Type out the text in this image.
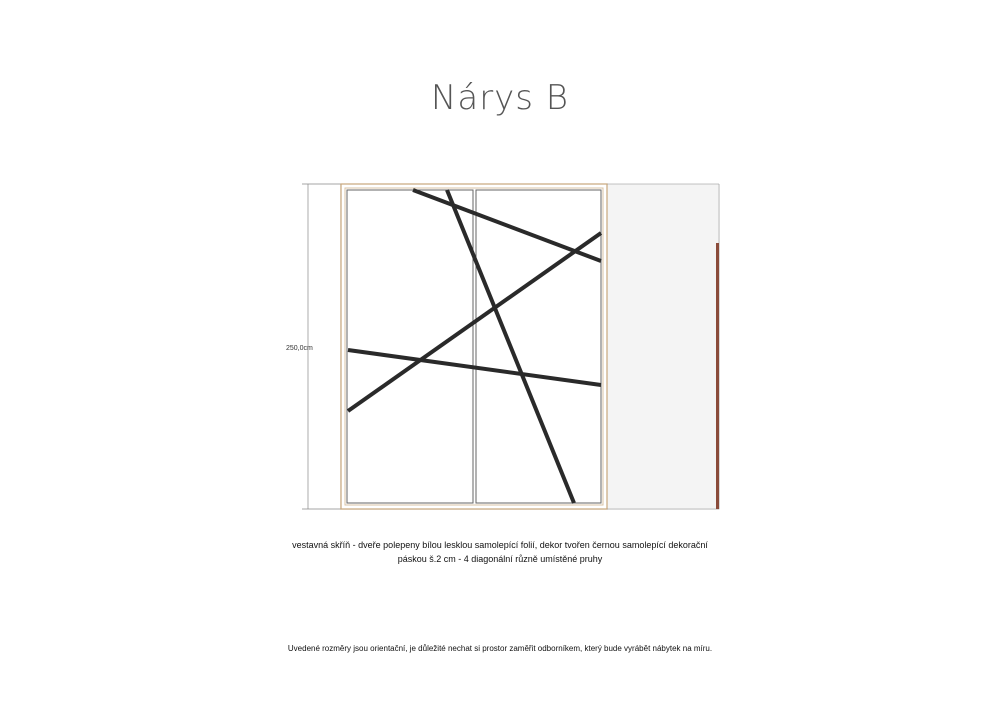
Nárys B
250,0cm
vestavná skříň - dveře polepeny bílou lesklou samolepící folií, dekor tvořen černou samolepící dekorační
páskou š.2 cm - 4 diagonální různě umístěné pruhy
Uvedené rozměry jsou orientační, je důležité nechat si prostor zaměřit odborníkem, který bude vyrábět nábytek na míru.
